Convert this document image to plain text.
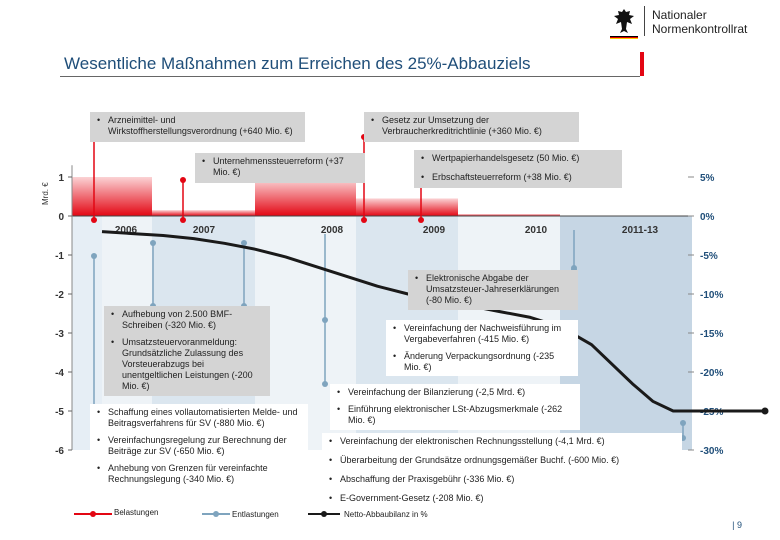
Nationaler
Normenkontrollrat
Wesentliche Maßnahmen zum Erreichen des 25%-Abbauziels
1	5%
0	0%
-1	-5%
-2	-10%
-3	-15%
-4	-20%
-5	-25%
-6	-30%
Mrd. €
2006	2007	2008	2009	2010	2011-13
• Arzneimittel- und Wirkstoffherstellungsverordnung (+640 Mio. €)
• Gesetz zur Umsetzung der Verbraucherkreditrichtlinie (+360 Mio. €)
• Unternehmenssteuerreform (+37 Mio. €)
• Wertpapierhandelsgesetz (50 Mio. €)
• Erbschaftsteuerreform (+38 Mio. €)
• Elektronische Abgabe der Umsatzsteuer-Jahreserklärungen (-80 Mio. €)
• Aufhebung von 2.500 BMF-Schreiben (-320 Mio. €)
• Umsatzsteuervoranmeldung: Grundsätzliche Zulassung des Vorsteuerabzugs bei unentgeltlichen Leistungen (-200 Mio. €)
• Vereinfachung der Nachweisführung im Vergabeverfahren (-415 Mio. €)
• Änderung Verpackungsordnung (-235 Mio. €)
• Vereinfachung der Bilanzierung (-2,5 Mrd. €)
• Einführung elektronischer LSt-Abzugsmerkmale (-262 Mio. €)
• Schaffung eines vollautomatisierten Melde- und Beitragsverfahrens für SV (-880 Mio. €)
• Vereinfachungsregelung zur Berechnung der Beiträge zur SV (-650 Mio. €)
• Anhebung von Grenzen für vereinfachte Rechnungslegung (-340 Mio. €)
• Vereinfachung der elektronischen Rechnungsstellung (-4,1 Mrd. €)
• Überarbeitung der Grundsätze ordnungsgemäßer Buchf. (-600 Mio. €)
• Abschaffung der Praxisgebühr (-336 Mio. €)
• E-Government-Gesetz (-208 Mio. €)
Belastungen	Entlastungen	Netto-Abbaubilanz in %
| 9
